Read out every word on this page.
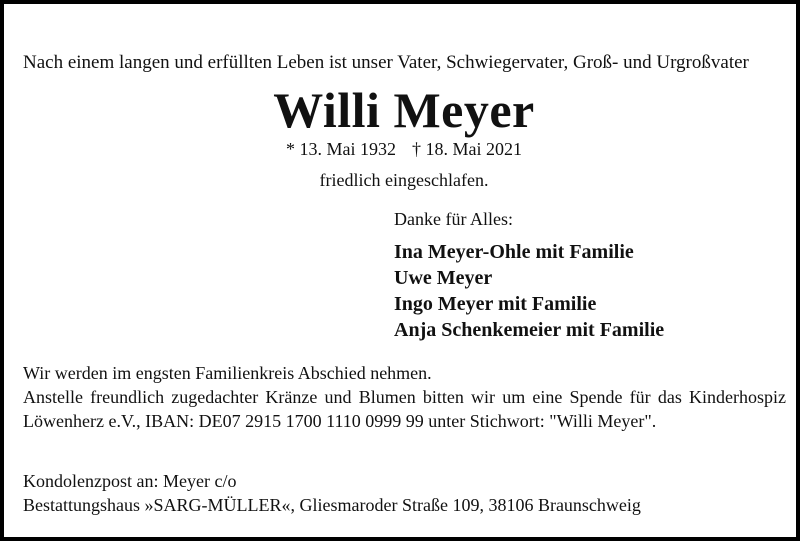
Nach einem langen und erfüllten Leben ist unser Vater, Schwiegervater, Groß- und Urgroßvater

Willi Meyer
* 13. Mai 1932 † 18. Mai 2021
friedlich eingeschlafen.
Danke für Alles:
Ina Meyer-Ohle mit Familie
Uwe Meyer
Ingo Meyer mit Familie
Anja Schenkemeier mit Familie

Wir werden im engsten Familienkreis Abschied nehmen.

Anstelle freundlich zugedachter Kränze und Blumen bitten wir um eine Spende für das Kinderhospiz Löwenherz e.V., IBAN: DE07 2915 1700 1110 0999 99 unter Stichwort: "Willi Meyer".

Kondolenzpost an: Meyer c/o
Bestattungshaus »SARG-MÜLLER«, Gliesmaroder Straße 109, 38106 Braunschweig
